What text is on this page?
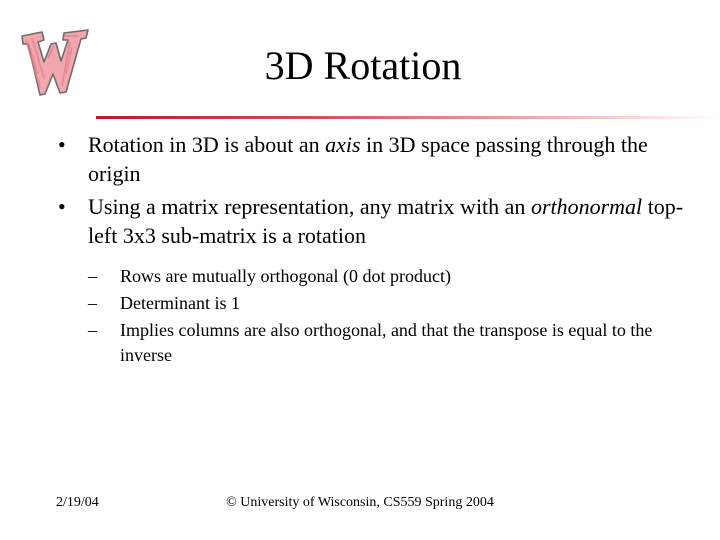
3D Rotation
• Rotation in 3D is about an axis in 3D space passing through the origin
• Using a matrix representation, any matrix with an orthonormal top-left 3x3 sub-matrix is a rotation
– Rows are mutually orthogonal (0 dot product)
– Determinant is 1
– Implies columns are also orthogonal, and that the transpose is equal to the inverse
2/19/04	© University of Wisconsin, CS559 Spring 2004
